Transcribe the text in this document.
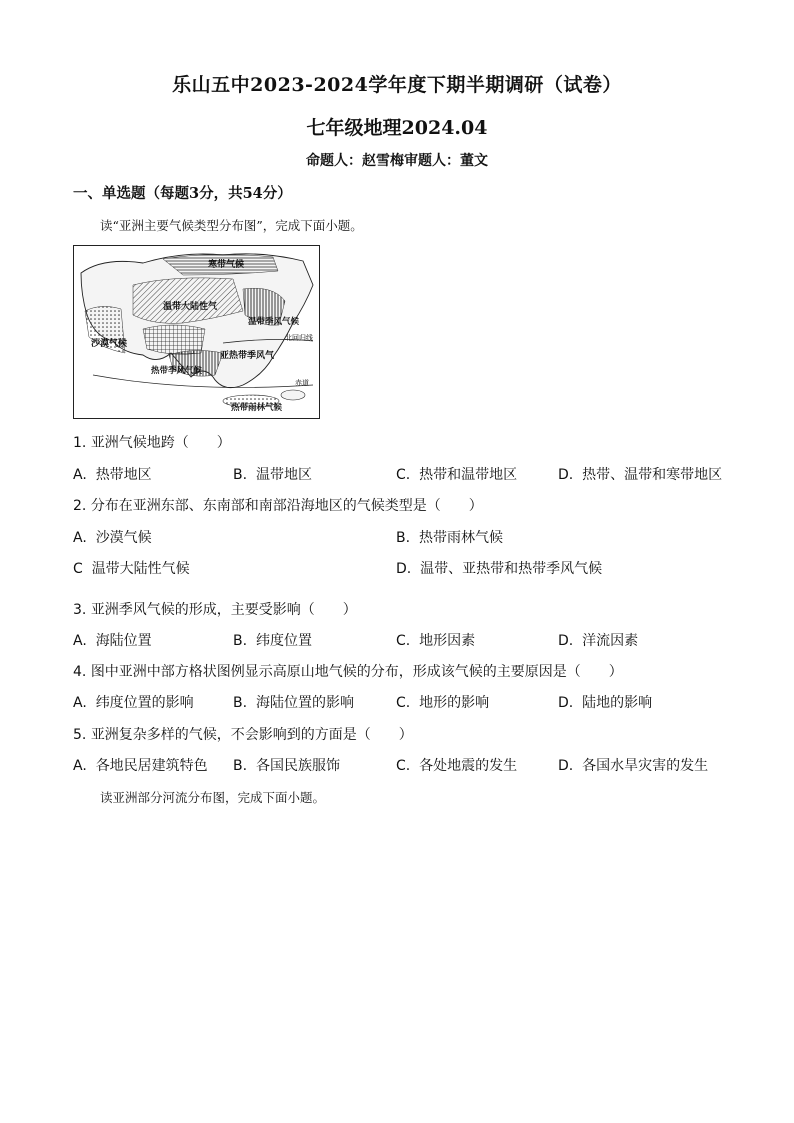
乐山五中2023-2024学年度下期半期调研（试卷）
七年级地理2024.04
命题人：赵雪梅审题人：董文
一、单选题（每题3分，共54分）
读“亚洲主要气候类型分布图”，完成下面小题。
寒带气候
温带大陆性气
温带季风气候
沙漠气候
亚热带季风气
热带季风气候
热带雨林气候
北回归线
赤道
1. 亚洲气候地跨（　　）
A. 热带地区	B. 温带地区	C. 热带和温带地区	D. 热带、温带和寒带地区
2. 分布在亚洲东部、东南部和南部沿海地区的气候类型是（　　）
A. 沙漠气候	B. 热带雨林气候
C 温带大陆性气候	D. 温带、亚热带和热带季风气候
3. 亚洲季风气候的形成，主要受影响（　　）
A. 海陆位置	B. 纬度位置	C. 地形因素	D. 洋流因素
4. 图中亚洲中部方格状图例显示高原山地气候的分布，形成该气候的主要原因是（　　）
A. 纬度位置的影响	B. 海陆位置的影响	C. 地形的影响	D. 陆地的影响
5. 亚洲复杂多样的气候，不会影响到的方面是（　　）
A. 各地民居建筑特色 B. 各国民族服饰	C. 各处地震的发生	D. 各国水旱灾害的发生
读亚洲部分河流分布图，完成下面小题。
